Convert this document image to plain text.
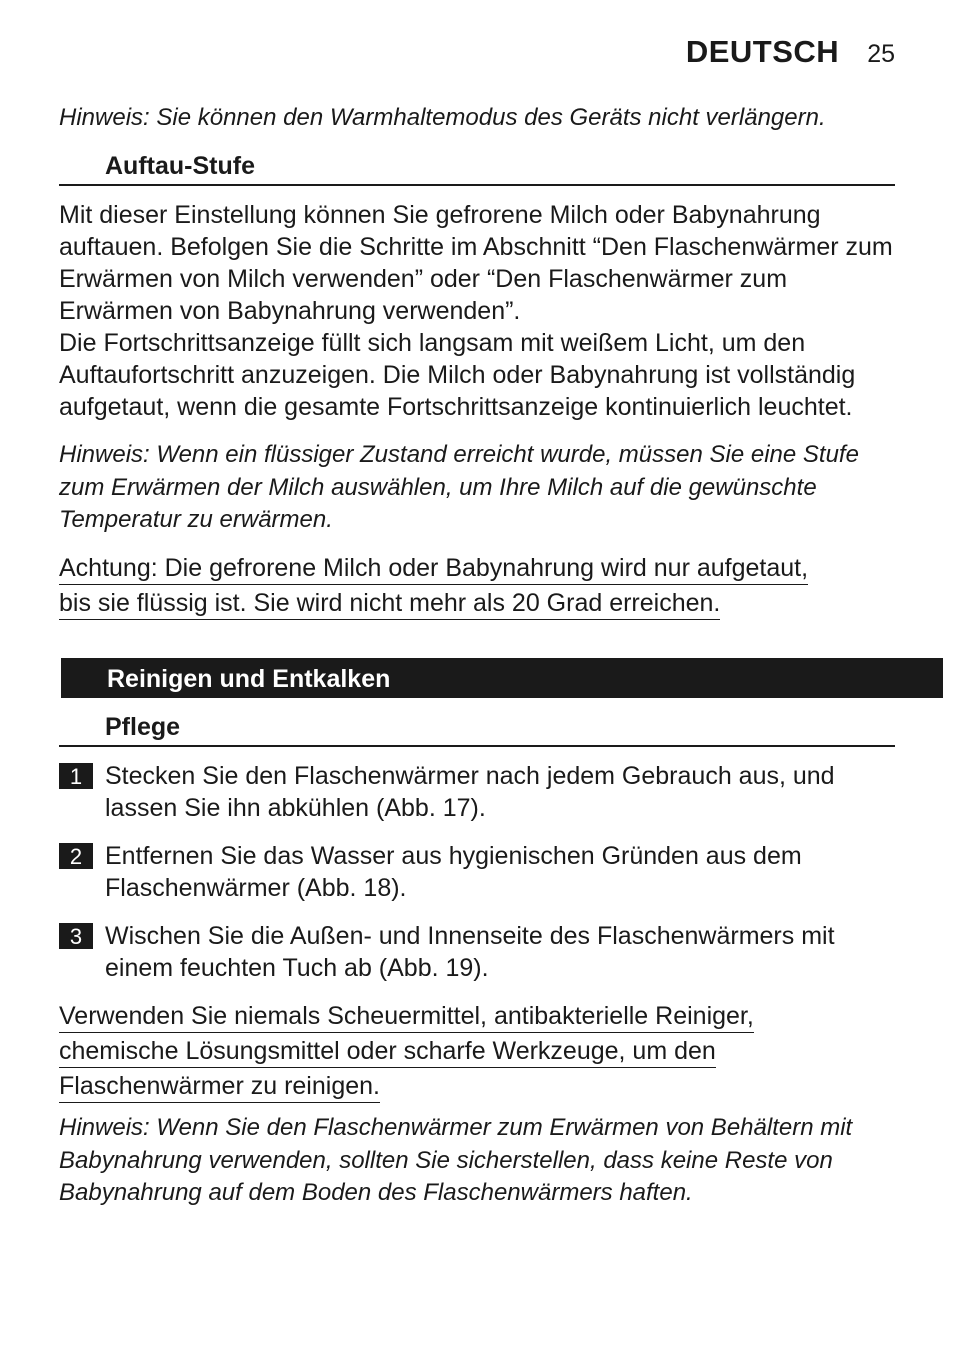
DEUTSCH 25

Hinweis: Sie können den Warmhaltemodus des Geräts nicht verlängern.

Auftau-Stufe

Mit dieser Einstellung können Sie gefrorene Milch oder Babynahrung auftauen. Befolgen Sie die Schritte im Abschnitt “Den Flaschenwärmer zum Erwärmen von Milch verwenden” oder “Den Flaschenwärmer zum Erwärmen von Babynahrung verwenden”.

Die Fortschrittsanzeige füllt sich langsam mit weißem Licht, um den Auftaufortschritt anzuzeigen. Die Milch oder Babynahrung ist vollständig aufgetaut, wenn die gesamte Fortschrittsanzeige kontinuierlich leuchtet.

Hinweis: Wenn ein flüssiger Zustand erreicht wurde, müssen Sie eine Stufe zum Erwärmen der Milch auswählen, um Ihre Milch auf die gewünschte Temperatur zu erwärmen.

Achtung: Die gefrorene Milch oder Babynahrung wird nur aufgetaut,

bis sie flüssig ist. Sie wird nicht mehr als 20 Grad erreichen.

Reinigen und Entkalken
Pflege
1 Stecken Sie den Flaschenwärmer nach jedem Gebrauch aus, und lassen Sie ihn abkühlen (Abb. 17).

2 Entfernen Sie das Wasser aus hygienischen Gründen aus dem Flaschenwärmer (Abb. 18).

3 Wischen Sie die Außen- und Innenseite des Flaschenwärmers mit einem feuchten Tuch ab (Abb. 19).

Verwenden Sie niemals Scheuermittel, antibakterielle Reiniger,

chemische Lösungsmittel oder scharfe Werkzeuge, um den

Flaschenwärmer zu reinigen.

Hinweis: Wenn Sie den Flaschenwärmer zum Erwärmen von Behältern mit Babynahrung verwenden, sollten Sie sicherstellen, dass keine Reste von Babynahrung auf dem Boden des Flaschenwärmers haften.
